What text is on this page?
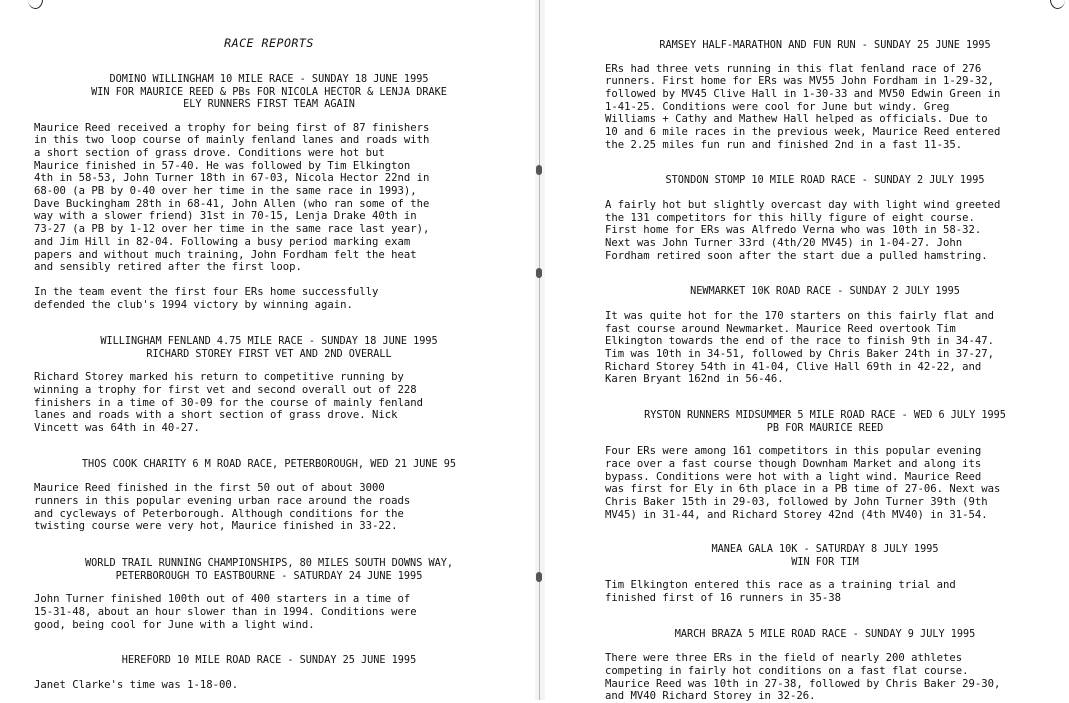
RACE REPORTS
DOMINO WILLINGHAM 10 MILE RACE - SUNDAY 18 JUNE 1995
WIN FOR MAURICE REED & PBs FOR NICOLA HECTOR & LENJA DRAKE
ELY RUNNERS FIRST TEAM AGAIN
Maurice Reed received a trophy for being first of 87 finishers
in this two loop course of mainly fenland lanes and roads with
a short section of grass drove. Conditions were hot but
Maurice finished in 57-40. He was followed by Tim Elkington
4th in 58-53, John Turner 18th in 67-03, Nicola Hector 22nd in
68-00 (a PB by 0-40 over her time in the same race in 1993),
Dave Buckingham 28th in 68-41, John Allen (who ran some of the
way with a slower friend) 31st in 70-15, Lenja Drake 40th in
73-27 (a PB by 1-12 over her time in the same race last year),
and Jim Hill in 82-04. Following a busy period marking exam
papers and without much training, John Fordham felt the heat
and sensibly retired after the first loop.
In the team event the first four ERs home successfully
defended the club's 1994 victory by winning again.
WILLINGHAM FENLAND 4.75 MILE RACE - SUNDAY 18 JUNE 1995
RICHARD STOREY FIRST VET AND 2ND OVERALL
Richard Storey marked his return to competitive running by
winning a trophy for first vet and second overall out of 228
finishers in a time of 30-09 for the course of mainly fenland
lanes and roads with a short section of grass drove. Nick
Vincett was 64th in 40-27.
THOS COOK CHARITY 6 M ROAD RACE, PETERBOROUGH, WED 21 JUNE 95
Maurice Reed finished in the first 50 out of about 3000
runners in this popular evening urban race around the roads
and cycleways of Peterborough. Although conditions for the
twisting course were very hot, Maurice finished in 33-22.
WORLD TRAIL RUNNING CHAMPIONSHIPS, 80 MILES SOUTH DOWNS WAY,
PETERBOROUGH TO EASTBOURNE - SATURDAY 24 JUNE 1995
John Turner finished 100th out of 400 starters in a time of
15-31-48, about an hour slower than in 1994. Conditions were
good, being cool for June with a light wind.
HEREFORD 10 MILE ROAD RACE - SUNDAY 25 JUNE 1995
Janet Clarke's time was 1-18-00.
RAMSEY HALF-MARATHON AND FUN RUN - SUNDAY 25 JUNE 1995
ERs had three vets running in this flat fenland race of 276
runners. First home for ERs was MV55 John Fordham in 1-29-32,
followed by MV45 Clive Hall in 1-30-33 and MV50 Edwin Green in
1-41-25. Conditions were cool for June but windy. Greg
Williams + Cathy and Mathew Hall helped as officials. Due to
10 and 6 mile races in the previous week, Maurice Reed entered
the 2.25 miles fun run and finished 2nd in a fast 11-35.
STONDON STOMP 10 MILE ROAD RACE - SUNDAY 2 JULY 1995
A fairly hot but slightly overcast day with light wind greeted
the 131 competitors for this hilly figure of eight course.
First home for ERs was Alfredo Verna who was 10th in 58-32.
Next was John Turner 33rd (4th/20 MV45) in 1-04-27. John
Fordham retired soon after the start due a pulled hamstring.
NEWMARKET 10K ROAD RACE - SUNDAY 2 JULY 1995
It was quite hot for the 170 starters on this fairly flat and
fast course around Newmarket. Maurice Reed overtook Tim
Elkington towards the end of the race to finish 9th in 34-47.
Tim was 10th in 34-51, followed by Chris Baker 24th in 37-27,
Richard Storey 54th in 41-04, Clive Hall 69th in 42-22, and
Karen Bryant 162nd in 56-46.
RYSTON RUNNERS MIDSUMMER 5 MILE ROAD RACE - WED 6 JULY 1995
PB FOR MAURICE REED
Four ERs were among 161 competitors in this popular evening
race over a fast course though Downham Market and along its
bypass. Conditions were hot with a light wind. Maurice Reed
was first for Ely in 6th place in a PB time of 27-06. Next was
Chris Baker 15th in 29-03, followed by John Turner 39th (9th
MV45) in 31-44, and Richard Storey 42nd (4th MV40) in 31-54.
MANEA GALA 10K - SATURDAY 8 JULY 1995
WIN FOR TIM
Tim Elkington entered this race as a training trial and
finished first of 16 runners in 35-38
MARCH BRAZA 5 MILE ROAD RACE - SUNDAY 9 JULY 1995
There were three ERs in the field of nearly 200 athletes
competing in fairly hot conditions on a fast flat course.
Maurice Reed was 10th in 27-38, followed by Chris Baker 29-30,
and MV40 Richard Storey in 32-26.
